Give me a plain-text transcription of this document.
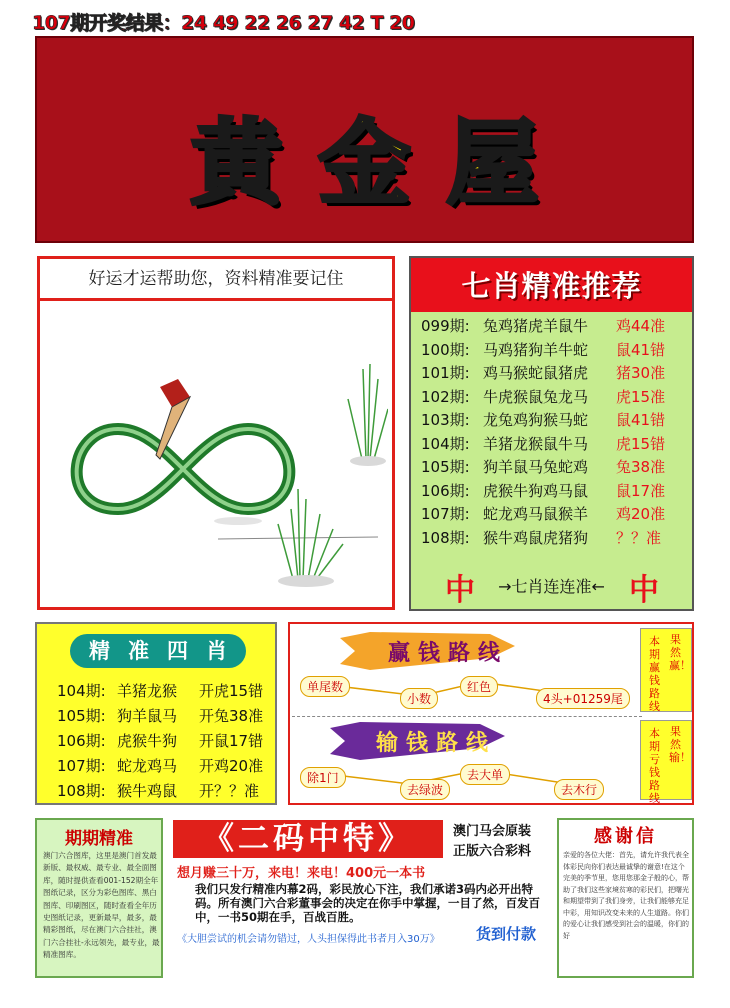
107期开奖结果：24 49 22 26 27 42 T 20
黄金屋
好运才运帮助您，资料精准要记住	七肖精准推荐
099期: 兔鸡猪虎羊鼠牛	鸡44准
100期: 马鸡猪狗羊牛蛇	鼠41错
101期: 鸡马猴蛇鼠猪虎	猪30准
102期: 牛虎猴鼠兔龙马	虎15准
103期: 龙兔鸡狗猴马蛇	鼠41错
104期: 羊猪龙猴鼠牛马	虎15错
105期: 狗羊鼠马兔蛇鸡	兔38准
106期: 虎猴牛狗鸡马鼠	鼠17准
107期: 蛇龙鸡马鼠猴羊	鸡20准
108期: 猴牛鸡鼠虎猪狗	？？准
中	→七肖连连准← 中
精准四肖
104期: 羊猪龙猴	开虎15错
105期: 狗羊鼠马	开兔38准
106期: 虎猴牛狗	开鼠17错
107期: 蛇龙鸡马	开鸡20准
108期: 猴牛鸡鼠	开？？准
赢钱路线
单尾数
小数
红色
4头+01259尾
本期赢钱路线
果然赢！
输钱路线
除1门
去绿波
去大单
去木行
本期亏钱路线
果然输！
期期精准
澳门六合图库，这里是澳门首发最新版、最权威、最专业、最全面图库，随时提供查看001-152期全年图纸记录，区分为彩色图库、黑白图库、印刷图区，随时查看全年历史图纸记录，更新最早，最多，最精彩图纸，尽在澳门六合挂社，澳门六合挂社-永远领先，最专业，最精准图库。
《二码中特》	澳门马会原装
正版六合彩料
想月赚三十万，来电！来电！400元一本书
我们只发行精准内幕2码，彩民放心下注，我们承诺3码内必开出特码。所有澳门六合彩董事会的决定在你手中掌握，一目了然，百发百中，一书50期在手，百战百胜。
《大胆尝试的机会请勿错过，人头担保得此书者月入30万》 货到付款
感谢信
亲爱的各位大佬：首先，请允许我代表全体彩民向你们表达最诚挚的谢意!在这个完美的季节里，您用您那金子般的心，帮助了我们这些家境贫寒的彩民们，把曙光和期望带到了我们身旁，让我们能够充足中彩，用知识改变未来的人生道路。你们的爱心让我们感受到社会的温暖，你们的好
